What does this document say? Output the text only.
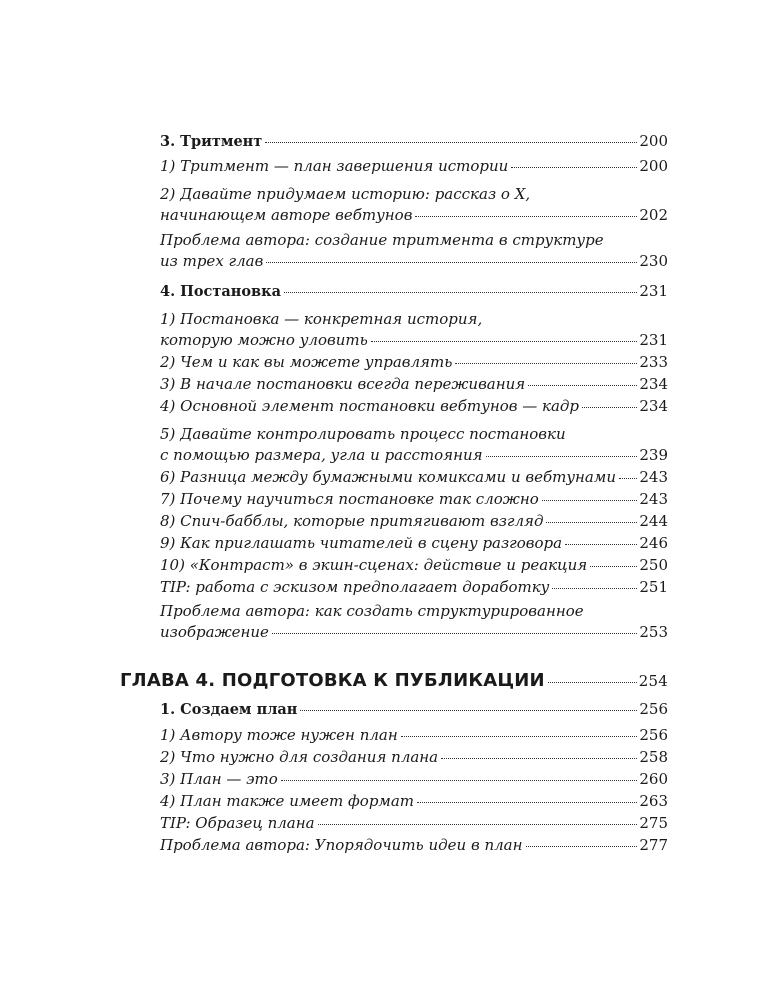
3. Тритмент	200
1) Тритмент — план завершения истории	200
2) Давайте придумаем историю: рассказ о X,
начинающем авторе вебтунов	202
Проблема автора: создание тритмента в структуре
из трех глав	230
4. Постановка	231
1) Постановка — конкретная история,
которую можно уловить	231
2) Чем и как вы можете управлять	233
3) В начале постановки всегда переживания	234
4) Основной элемент постановки вебтунов — кадр	234
5) Давайте контролировать процесс постановки
с помощью размера, угла и расстояния	239
6) Разница между бумажными комиксами и вебтунами 243
7) Почему научиться постановке так сложно	243
8) Спич-бабблы, которые притягивают взгляд	244
9) Как приглашать читателей в сцену разговора	246
10) «Контраст» в экшн-сценах: действие и реакция	250
TIP: работа с эскизом предполагает доработку	251
Проблема автора: как создать структурированное
изображение	253
ГЛАВА 4. ПОДГОТОВКА К ПУБЛИКАЦИИ	254
1. Создаем план	256
1) Автору тоже нужен план	256
2) Что нужно для создания плана	258
3) План — это	260
4) План также имеет формат	263
TIP: Образец плана	275
Проблема автора: Упорядочить идеи в план	277
